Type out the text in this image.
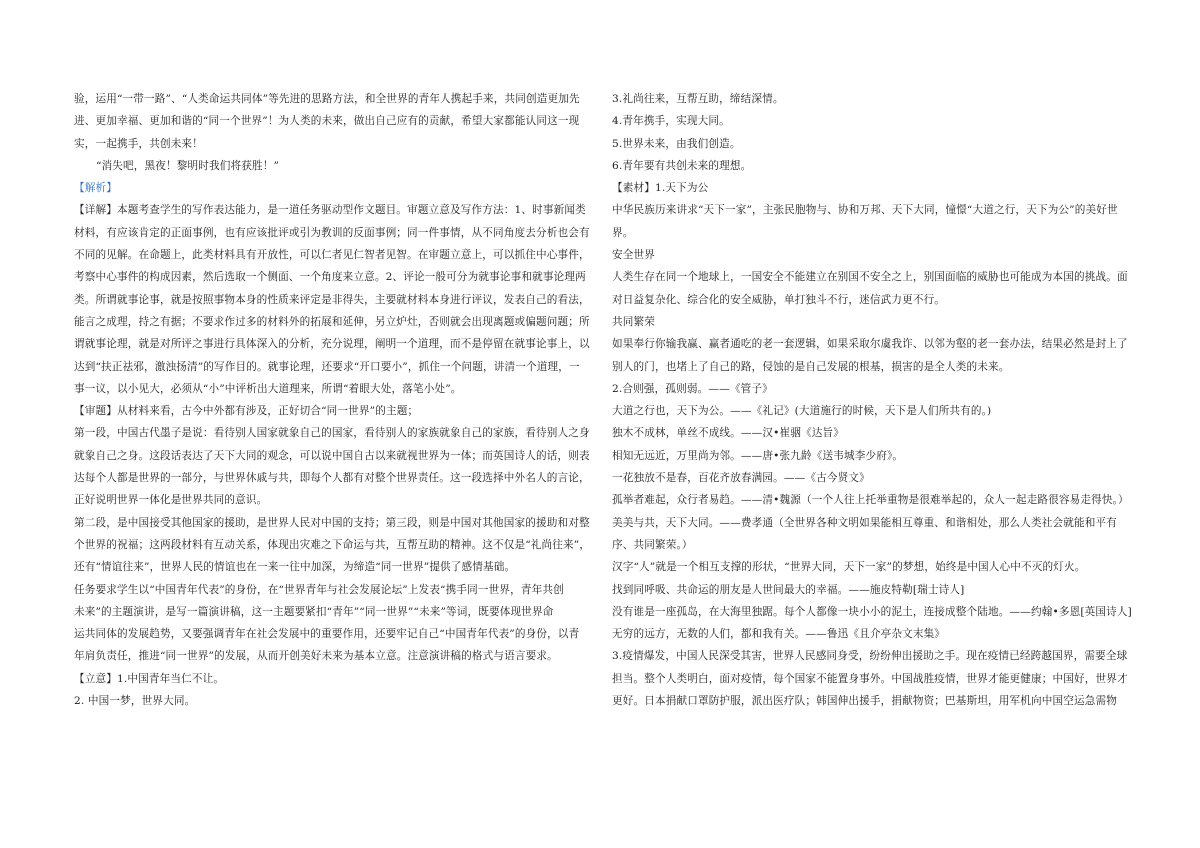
验，运用“一带一路”、“人类命运共同体”等先进的思路方法，和全世界的青年人携起手来，共同创造更加先
进、更加幸福、更加和谐的“同一个世界”！为人类的未来，做出自己应有的贡献，希望大家都能认同这一现
实，一起携手，共创未来！
“消失吧，黑夜！黎明时我们将获胜！”
【解析】
【详解】本题考查学生的写作表达能力，是一道任务驱动型作文题目。审题立意及写作方法：1、时事新闻类
材料，有应该肯定的正面事例，也有应该批评或引为教训的反面事例；同一件事情，从不同角度去分析也会有
不同的见解。在命题上，此类材料具有开放性，可以仁者见仁智者见智。在审题立意上，可以抓住中心事件，
考察中心事件的构成因素，然后选取一个侧面、一个角度来立意。2、评论一般可分为就事论事和就事论理两
类。所谓就事论事，就是按照事物本身的性质来评定是非得失，主要就材料本身进行评议，发表自己的看法，
能言之成理，持之有据；不要求作过多的材料外的拓展和延伸，另立炉灶，否则就会出现离题或偏题问题；所
谓就事论理，就是对所评之事进行具体深入的分析，充分说理，阐明一个道理，而不是停留在就事论事上，以
达到“扶正祛邪，激浊扬清”的写作目的。就事论理，还要求“开口要小”，抓住一个问题，讲清一个道理，一
事一议，以小见大，必须从“小”中评析出大道理来，所谓“着眼大处，落笔小处”。
【审题】从材料来看，古今中外都有涉及，正好切合“同一世界”的主题；
第一段，中国古代墨子是说：看待别人国家就象自己的国家，看待别人的家族就象自己的家族，看待别人之身
就象自己之身。这段话表达了天下大同的观念，可以说中国自古以来就视世界为一体；而英国诗人的话，则表
达每个人都是世界的一部分，与世界休戚与共，即每个人都有对整个世界责任。这一段选择中外名人的言论，
正好说明世界一体化是世界共同的意识。
第二段，是中国接受其他国家的援助，是世界人民对中国的支持；第三段，则是中国对其他国家的援助和对整
个世界的祝福；这两段材料有互动关系，体现出灾难之下命运与共，互帮互助的精神。这不仅是“礼尚往来”，
还有“情谊往来”，世界人民的情谊也在一来一往中加深，为缔造“同一世界”提供了感情基础。
任务要求学生以“中国青年代表”的身份，在“世界青年与社会发展论坛”上发表“携手同一世界，青年共创
未来”的主题演讲，是写一篇演讲稿，这一主题要紧扣“青年”“同一世界”“未来”等词，既要体现世界命
运共同体的发展趋势，又要强调青年在社会发展中的重要作用，还要牢记自己“中国青年代表”的身份，以青
年肩负责任，推进“同一世界”的发展，从而开创美好未来为基本立意。注意演讲稿的格式与语言要求。
【立意】1.中国青年当仁不让。
2. 中国一梦，世界大同。
3.礼尚往来，互帮互助，缔结深情。
4.青年携手，实现大同。
5.世界未来，由我们创造。
6.青年要有共创未来的理想。
【素材】1.天下为公
中华民族历来讲求“天下一家”，主张民胞物与、协和万邦、天下大同，憧憬“大道之行，天下为公”的美好世
界。
安全世界
人类生存在同一个地球上，一国安全不能建立在别国不安全之上，别国面临的威胁也可能成为本国的挑战。面
对日益复杂化、综合化的安全威胁，单打独斗不行，迷信武力更不行。
共同繁荣
如果奉行你输我赢、赢者通吃的老一套逻辑，如果采取尔虞我诈、以邻为壑的老一套办法，结果必然是封上了
别人的门，也堵上了自己的路，侵蚀的是自己发展的根基，损害的是全人类的未来。
2.合则强，孤则弱。——《管子》
大道之行也，天下为公。——《礼记》(大道施行的时候，天下是人们所共有的。)
独木不成林，单丝不成线。——汉•崔骃《达旨》
相知无远近，万里尚为邻。——唐•张九龄《送韦城李少府》。
一花独放不是春，百花齐放春满园。——《古今贤文》
孤举者难起，众行者易趋。——清•魏源（一个人往上托举重物是很难举起的，众人一起走路很容易走得快。）
美美与共，天下大同。——费孝通（全世界各种文明如果能相互尊重、和谐相处，那么人类社会就能和平有
序、共同繁荣。）
汉字“人”就是一个相互支撑的形状，“世界大同，天下一家”的梦想，始终是中国人心中不灭的灯火。
找到同呼吸、共命运的朋友是人世间最大的幸福。——施皮特勒[瑞士诗人]
没有谁是一座孤岛，在大海里独踞。每个人都像一块小小的泥土，连接成整个陆地。——约翰•多恩[英国诗人]
无穷的远方，无数的人们，都和我有关。——鲁迅《且介亭杂文末集》
3.疫情爆发，中国人民深受其害，世界人民感同身受，纷纷伸出援助之手。现在疫情已经跨越国界，需要全球
担当。整个人类明白，面对疫情，每个国家不能置身事外。中国战胜疫情，世界才能更健康；中国好，世界才
更好。日本捐献口罩防护服，派出医疗队；韩国伸出援手，捐献物资；巴基斯坦，用军机向中国空运急需物
